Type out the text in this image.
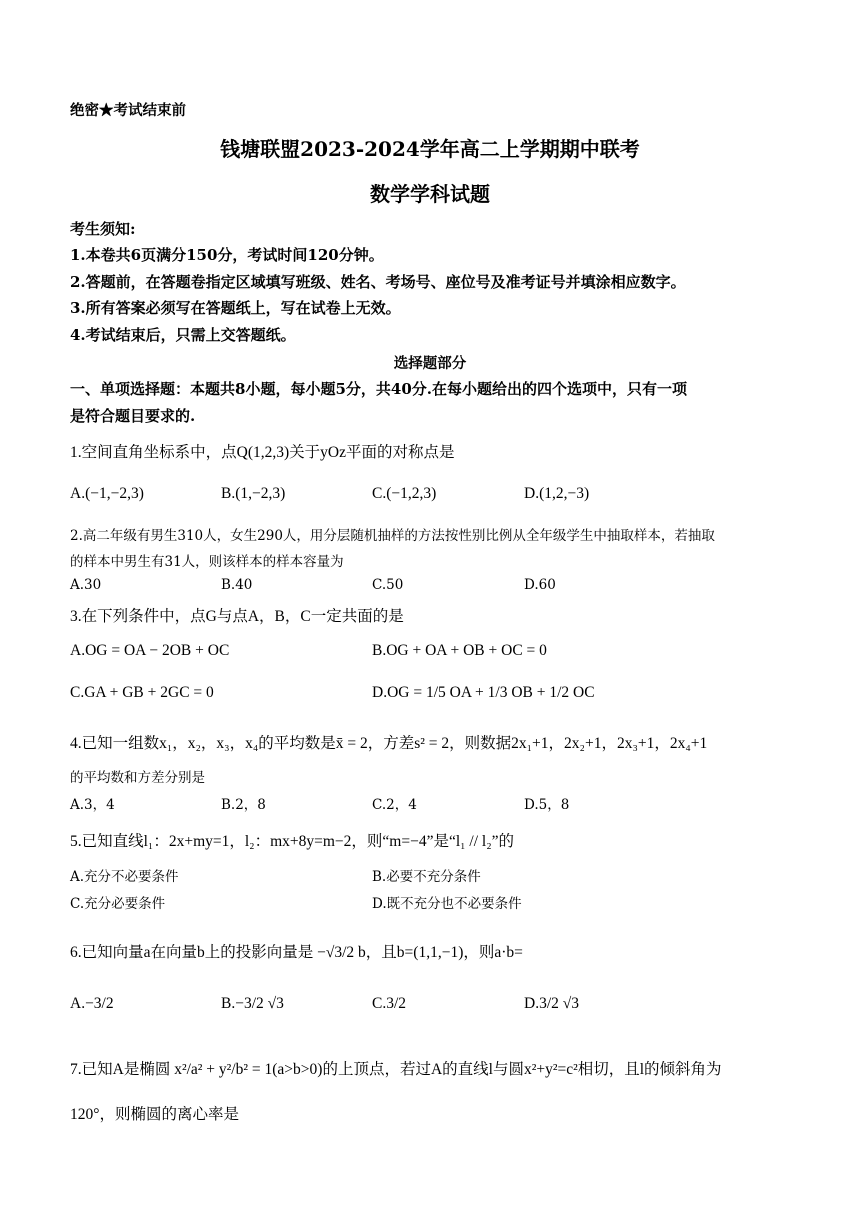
绝密★考试结束前
钱塘联盟2023-2024学年高二上学期期中联考
数学学科试题
考生须知:
1.本卷共6页满分150分，考试时间120分钟。
2.答题前，在答题卷指定区域填写班级、姓名、考场号、座位号及准考证号并填涂相应数字。
3.所有答案必须写在答题纸上，写在试卷上无效。
4.考试结束后，只需上交答题纸。
选择题部分
一、单项选择题：本题共8小题，每小题5分，共40分.在每小题给出的四个选项中，只有一项
是符合题目要求的.
1.空间直角坐标系中，点Q(1,2,3)关于yOz平面的对称点是
A.(−1,−2,3)	B.(1,−2,3)	C.(−1,2,3)	D.(1,2,−3)
2.高二年级有男生310人，女生290人，用分层随机抽样的方法按性别比例从全年级学生中抽取样本，若抽取
的样本中男生有31人，则该样本的样本容量为
A.30	B.40	C.50	D.60
3.在下列条件中，点G与点A，B，C一定共面的是
A.OG = OA − 2OB + OC	B.OG + OA + OB + OC = 0
C.GA + GB + 2GC = 0	D.OG = 1/5 OA + 1/3 OB + 1/2 OC
4.已知一组数x₁，x₂，x₃，x₄的平均数是x̄ = 2，方差s² = 2，则数据2x₁+1，2x₂+1，2x₃+1，2x₄+1
的平均数和方差分别是
A.3，4	B.2，8	C.2，4	D.5，8
5.已知直线l₁：2x+my=1，l₂：mx+8y=m−2，则“m=−4”是“l₁ // l₂”的
A.充分不必要条件	B.必要不充分条件
C.充分必要条件	D.既不充分也不必要条件
6.已知向量a在向量b上的投影向量是 −√3/2 b，且b=(1,1,−1)，则a·b=
A.−3/2	B.−3/2 √3	C.3/2	D.3/2 √3
7.已知A是椭圆 x²/a² + y²/b² = 1(a>b>0)的上顶点，若过A的直线l与圆x²+y²=c²相切，且l的倾斜角为
120°，则椭圆的离心率是
